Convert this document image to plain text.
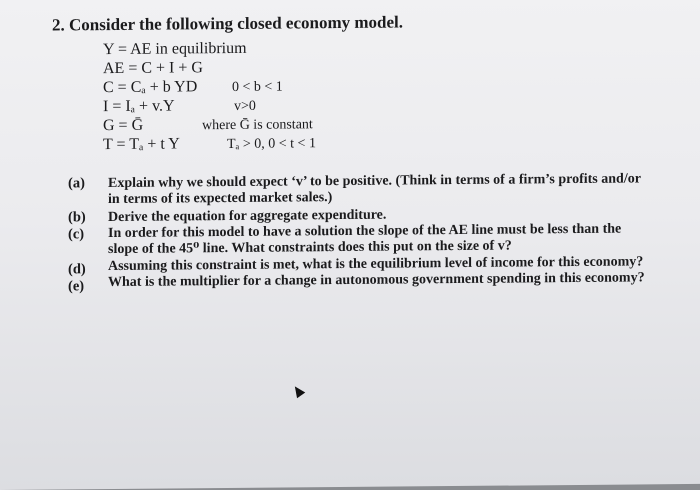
2. Consider the following closed economy model.
Y = AE in equilibrium
AE = C + I + G
C = Cₐ + b YD
I = Iₐ + v.Y
G = Ḡ
T = Tₐ + t Y
0 < b < 1
v>0
where Ḡ is constant
Tₐ > 0, 0 < t < 1
(a) Explain why we should expect ‘v’ to be positive. (Think in terms of a firm’s profits and/or
in terms of its expected market sales.)
(b) Derive the equation for aggregate expenditure.
(c) In order for this model to have a solution the slope of the AE line must be less than the
slope of the 45⁰ line. What constraints does this put on the size of v?
(d) Assuming this constraint is met, what is the equilibrium level of income for this economy?
(e) What is the multiplier for a change in autonomous government spending in this economy?
